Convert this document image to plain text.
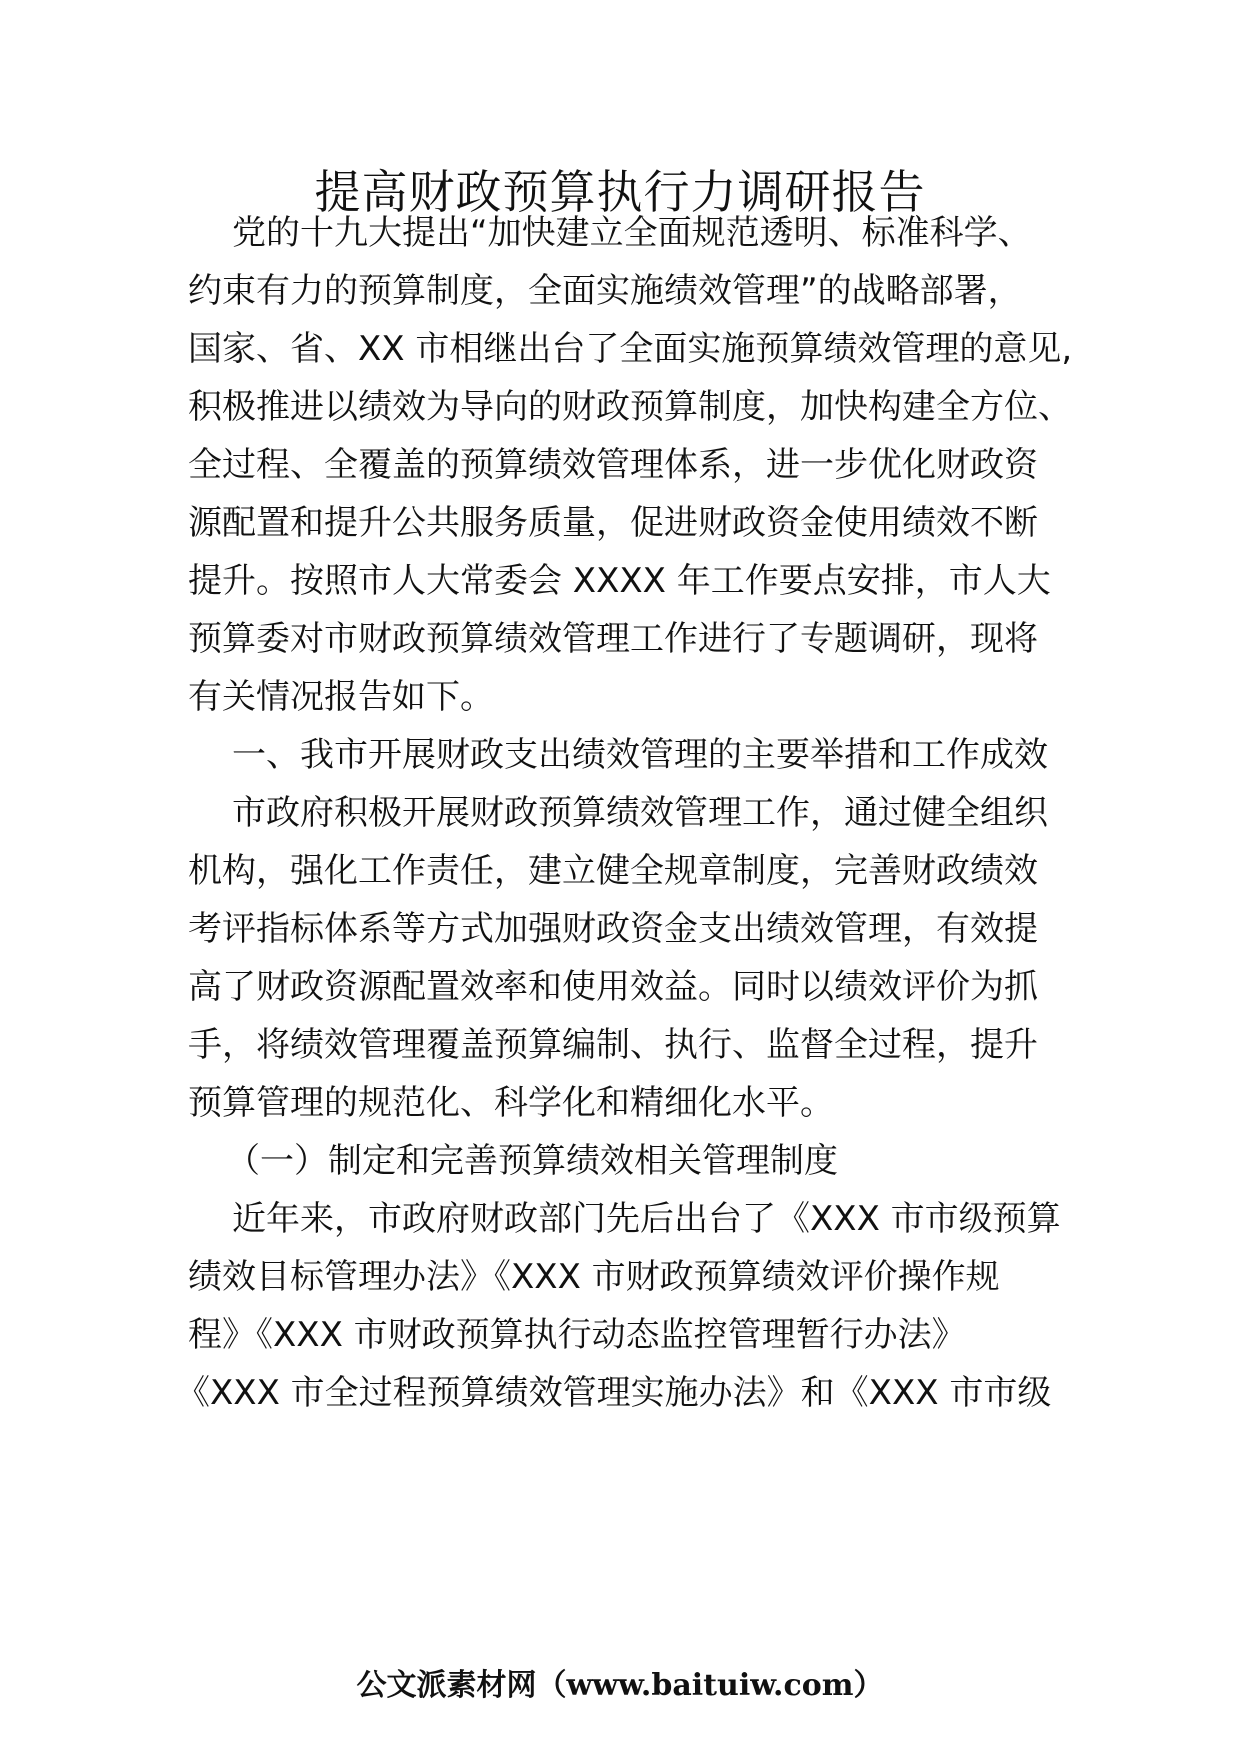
提高财政预算执行力调研报告

党的十九大提出“加快建立全面规范透明、标准科学、

约束有力的预算制度，全面实施绩效管理”的战略部署，

国家、省、XX 市相继出台了全面实施预算绩效管理的意见,

积极推进以绩效为导向的财政预算制度，加快构建全方位、

全过程、全覆盖的预算绩效管理体系，进一步优化财政资

源配置和提升公共服务质量，促进财政资金使用绩效不断

提升。按照市人大常委会 XXXX 年工作要点安排，市人大

预算委对市财政预算绩效管理工作进行了专题调研，现将

有关情况报告如下。

一、我市开展财政支出绩效管理的主要举措和工作成效

市政府积极开展财政预算绩效管理工作，通过健全组织

机构，强化工作责任，建立健全规章制度，完善财政绩效

考评指标体系等方式加强财政资金支出绩效管理，有效提

高了财政资源配置效率和使用效益。同时以绩效评价为抓

手，将绩效管理覆盖预算编制、执行、监督全过程，提升

预算管理的规范化、科学化和精细化水平。

（一）制定和完善预算绩效相关管理制度

近年来，市政府财政部门先后出台了《XXX 市市级预算

绩效目标管理办法》《XXX 市财政预算绩效评价操作规

程》《XXX 市财政预算执行动态监控管理暂行办法》

《XXX 市全过程预算绩效管理实施办法》和《XXX 市市级

公文派素材网（www.baituiw.com）
